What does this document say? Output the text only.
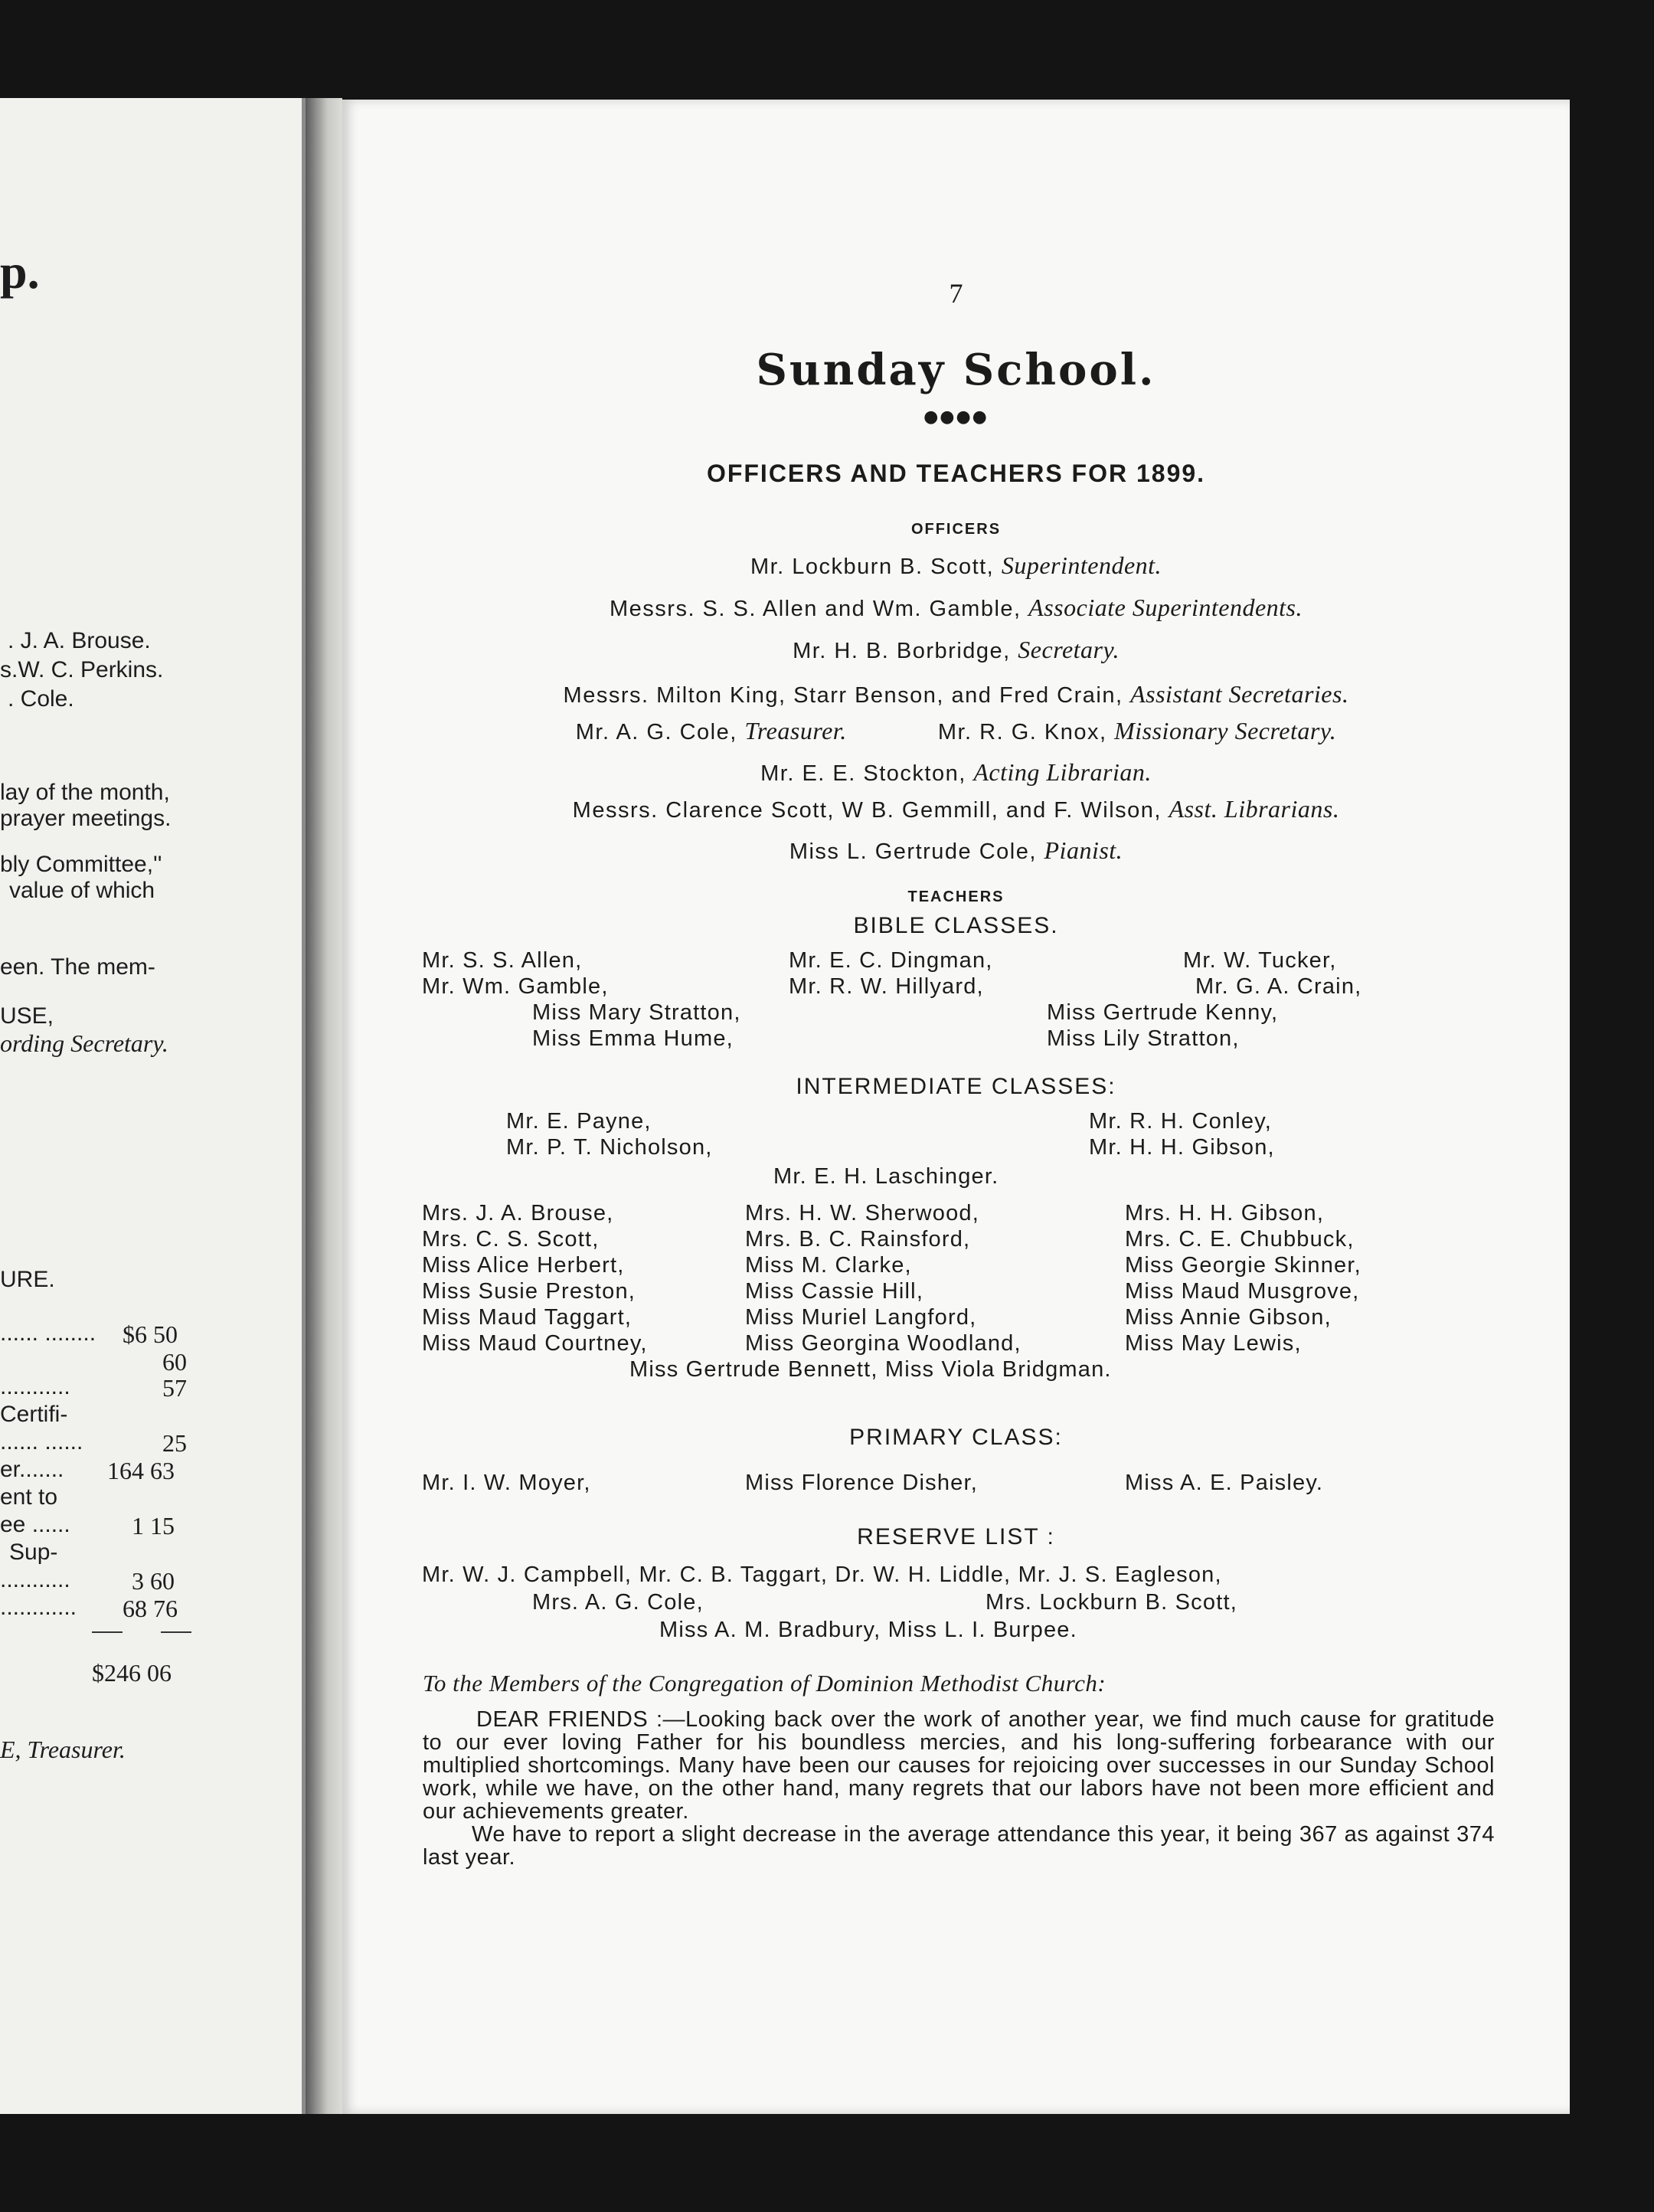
p.
. J. A. Brouse.
s.W. C. Perkins.
. Cole.
lay of the month,
prayer meetings.
bly Committee,''
value of which
een. The mem-
USE,
ording Secretary.
URE.
...... ........ $6 50
60
...........	57
Certifi-
...... ......	25
er....... 164 63
ent to
ee ......	1 15
Sup-
...........	3 60
............ 68 76
$246 06
E, Treasurer.
7
Sunday School.
●●●●
OFFICERS AND TEACHERS FOR 1899.
OFFICERS
Mr. Lockburn B. Scott, Superintendent.
Messrs. S. S. Allen and Wm. Gamble, Associate Superintendents.
Mr. H. B. Borbridge, Secretary.
Messrs. Milton King, Starr Benson, and Fred Crain, Assistant Secretaries.
Mr. A. G. Cole, Treasurer.	Mr. R. G. Knox, Missionary Secretary.
Mr. E. E. Stockton, Acting Librarian.
Messrs. Clarence Scott, W B. Gemmill, and F. Wilson, Asst. Librarians.
Miss L. Gertrude Cole, Pianist.
TEACHERS
BIBLE CLASSES.
Mr. S. S. Allen,	Mr. E. C. Dingman,	Mr. W. Tucker,
Mr. Wm. Gamble,	Mr. R. W. Hillyard,	Mr. G. A. Crain,
Miss Mary Stratton,	Miss Gertrude Kenny,
Miss Emma Hume,	Miss Lily Stratton,
INTERMEDIATE CLASSES:
Mr. E. Payne,	Mr. R. H. Conley,
Mr. P. T. Nicholson,	Mr. H. H. Gibson,
Mr. E. H. Laschinger.
Mrs. J. A. Brouse,	Mrs. H. W. Sherwood,	Mrs. H. H. Gibson,
Mrs. C. S. Scott,	Mrs. B. C. Rainsford,	Mrs. C. E. Chubbuck,
Miss Alice Herbert,	Miss M. Clarke,	Miss Georgie Skinner,
Miss Susie Preston,	Miss Cassie Hill,	Miss Maud Musgrove,
Miss Maud Taggart,	Miss Muriel Langford,	Miss Annie Gibson,
Miss Maud Courtney,	Miss Georgina Woodland,	Miss May Lewis,
Miss Gertrude Bennett, Miss Viola Bridgman.
PRIMARY CLASS:
Mr. I. W. Moyer,	Miss Florence Disher,	Miss A. E. Paisley.
RESERVE LIST :
Mr. W. J. Campbell, Mr. C. B. Taggart, Dr. W. H. Liddle, Mr. J. S. Eagleson,
Mrs. A. G. Cole,	Mrs. Lockburn B. Scott,
Miss A. M. Bradbury, Miss L. I. Burpee.
To the Members of the Congregation of Dominion Methodist Church:

DEAR FRIENDS :—Looking back over the work of another year, we find much cause for gratitude to our ever loving Father for his boundless mercies, and his long-suffering forbearance with our multiplied shortcomings. Many have been our causes for rejoicing over successes in our Sunday School work, while we have, on the other hand, many regrets that our labors have not been more efficient and our achievements greater.

We have to report a slight decrease in the average attendance this year, it being 367 as against 374 last year.
